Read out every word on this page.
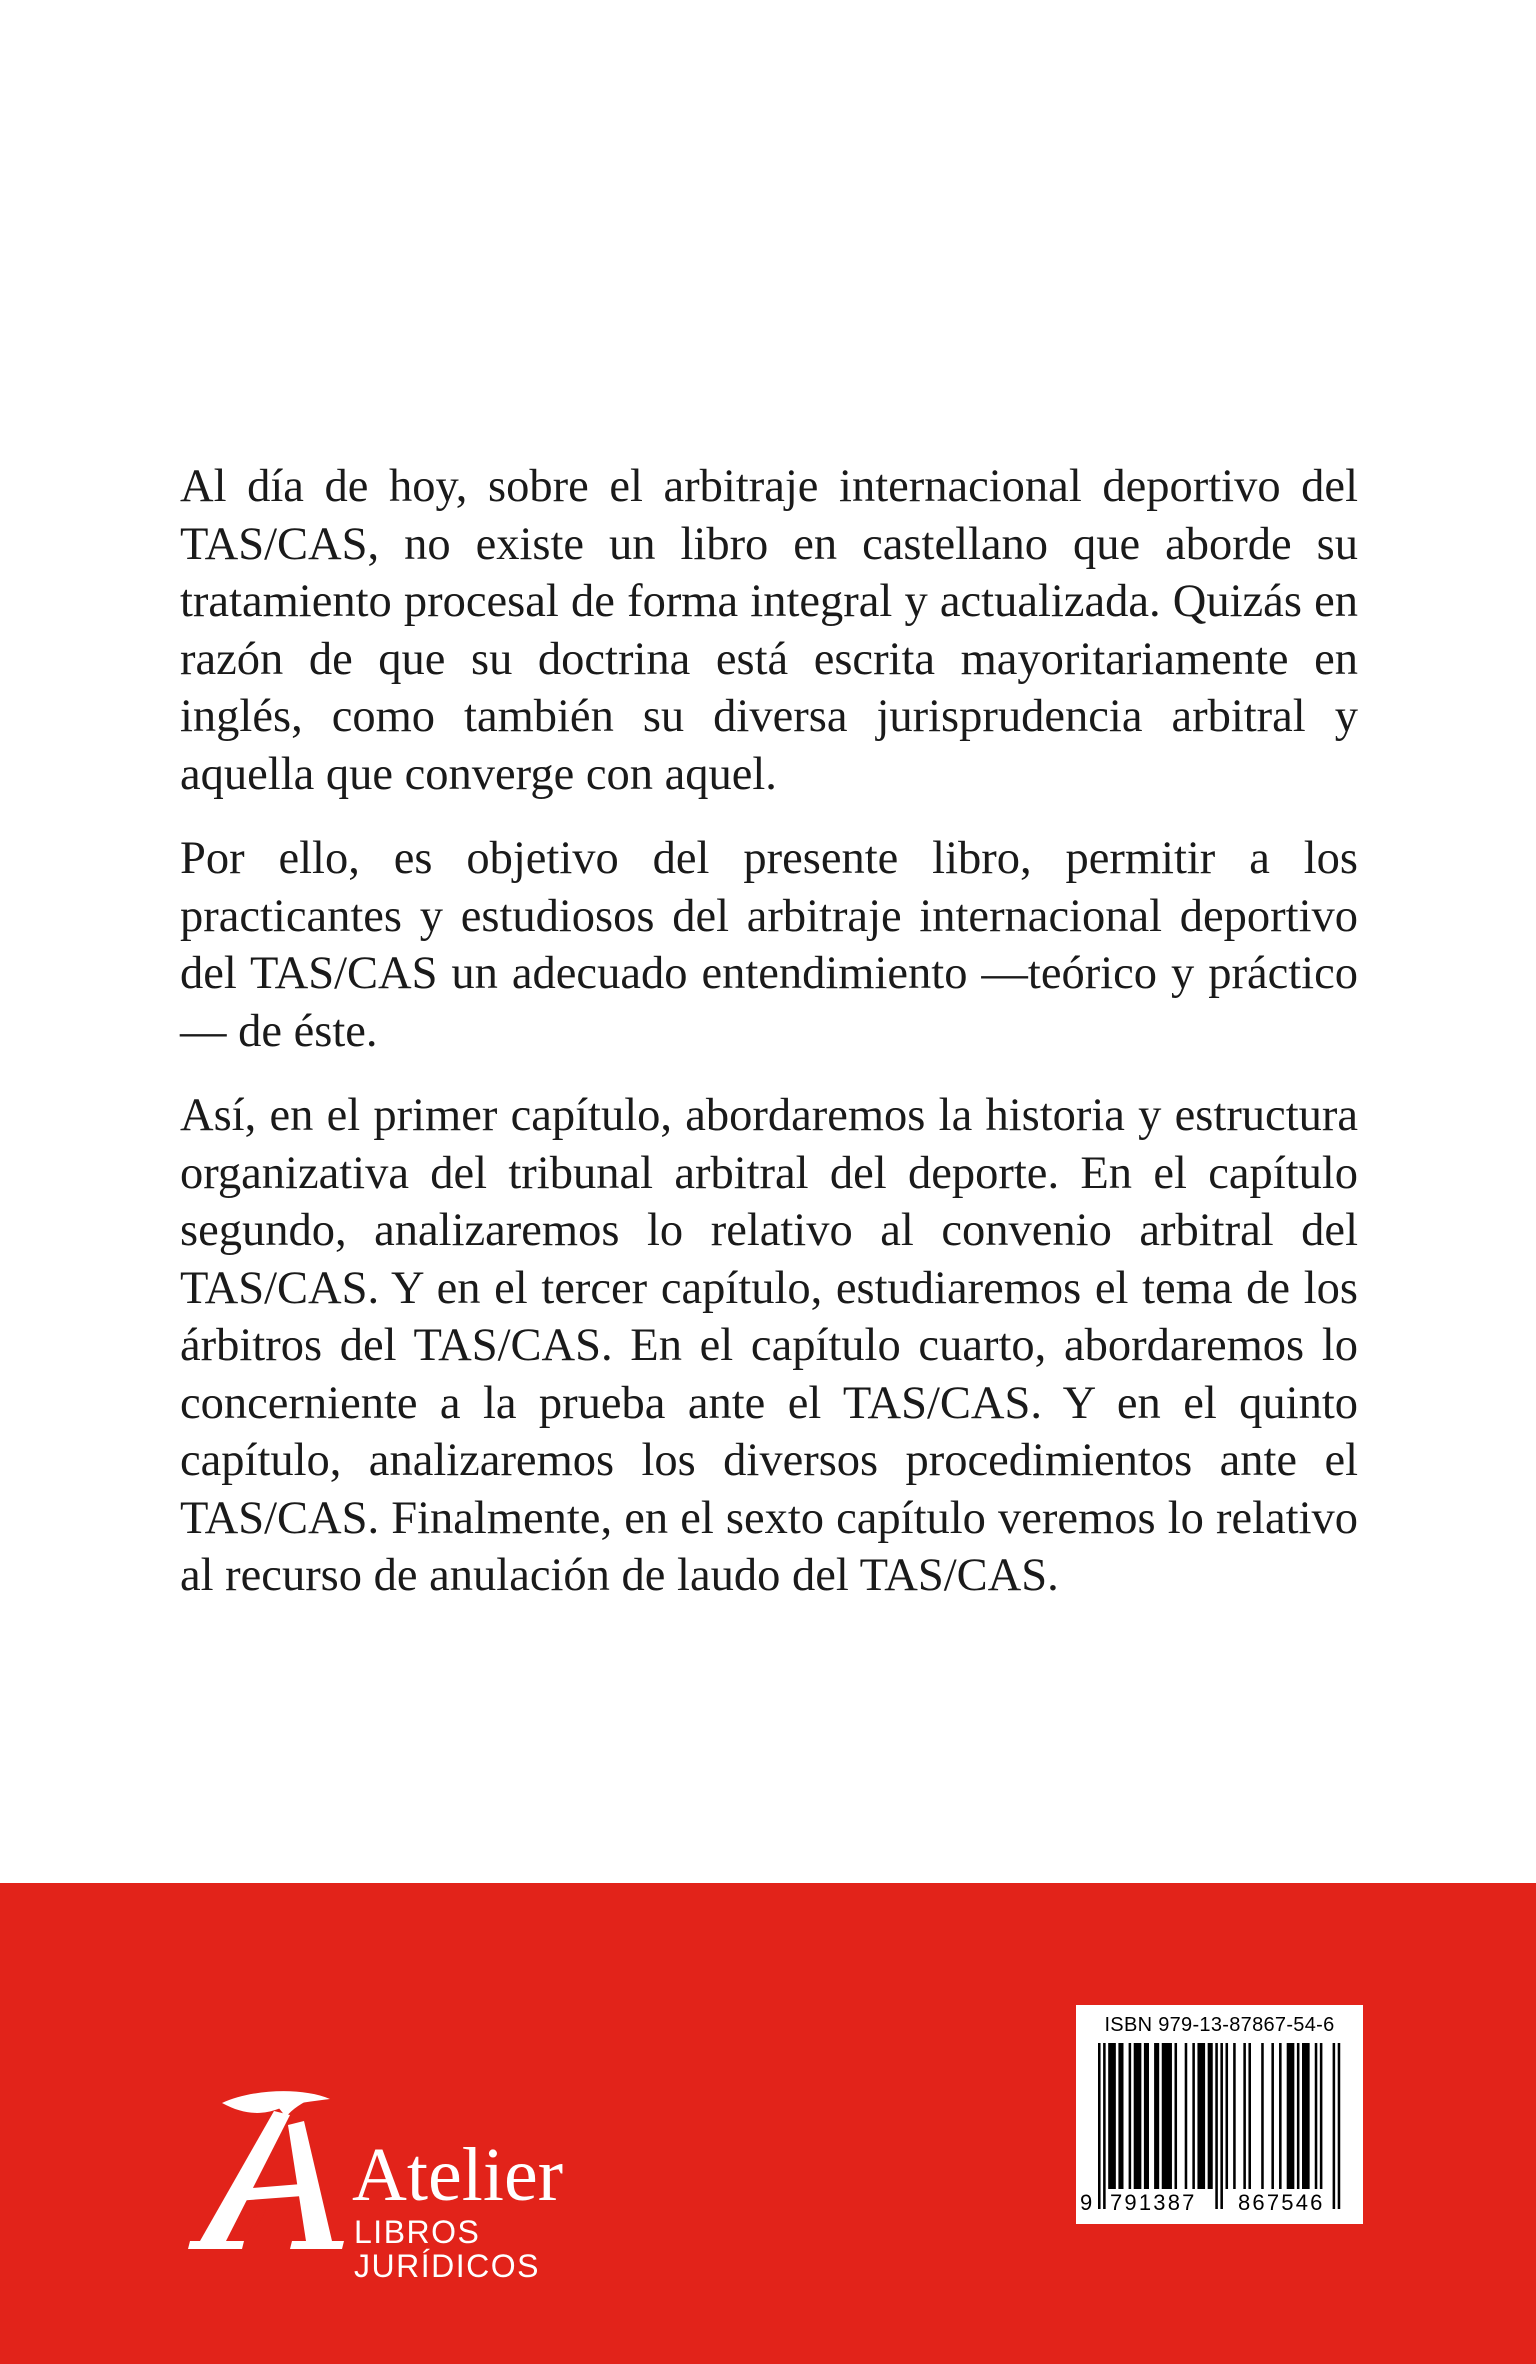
Al día de hoy, sobre el arbitraje internacional deportivo del TAS/CAS, no existe un libro en castellano que aborde su tratamiento procesal de forma integral y actualizada. Quizás en razón de que su doctrina está escrita mayoritariamente en inglés, como también su diversa jurisprudencia arbitral y aquella que converge con aquel.

Por ello, es objetivo del presente libro, permitir a los practicantes y estudiosos del arbitraje internacional deportivo del TAS/CAS un adecuado entendimiento —teórico y práctico— de éste.

Así, en el primer capítulo, abordaremos la historia y estructura organizativa del tribunal arbitral del deporte. En el capítulo segundo, analizaremos lo relativo al convenio arbitral del TAS/CAS. Y en el tercer capítulo, estudiaremos el tema de los árbitros del TAS/CAS. En el capítulo cuarto, abordaremos lo concerniente a la prueba ante el TAS/CAS. Y en el quinto capítulo, analizaremos los diversos procedimientos ante el TAS/CAS. Finalmente, en el sexto capítulo veremos lo relativo al recurso de anulación de laudo del TAS/CAS.

Atelier
LIBROS JURÍDICOS
ISBN 979-13-87867-54-6
9 791387	867546
